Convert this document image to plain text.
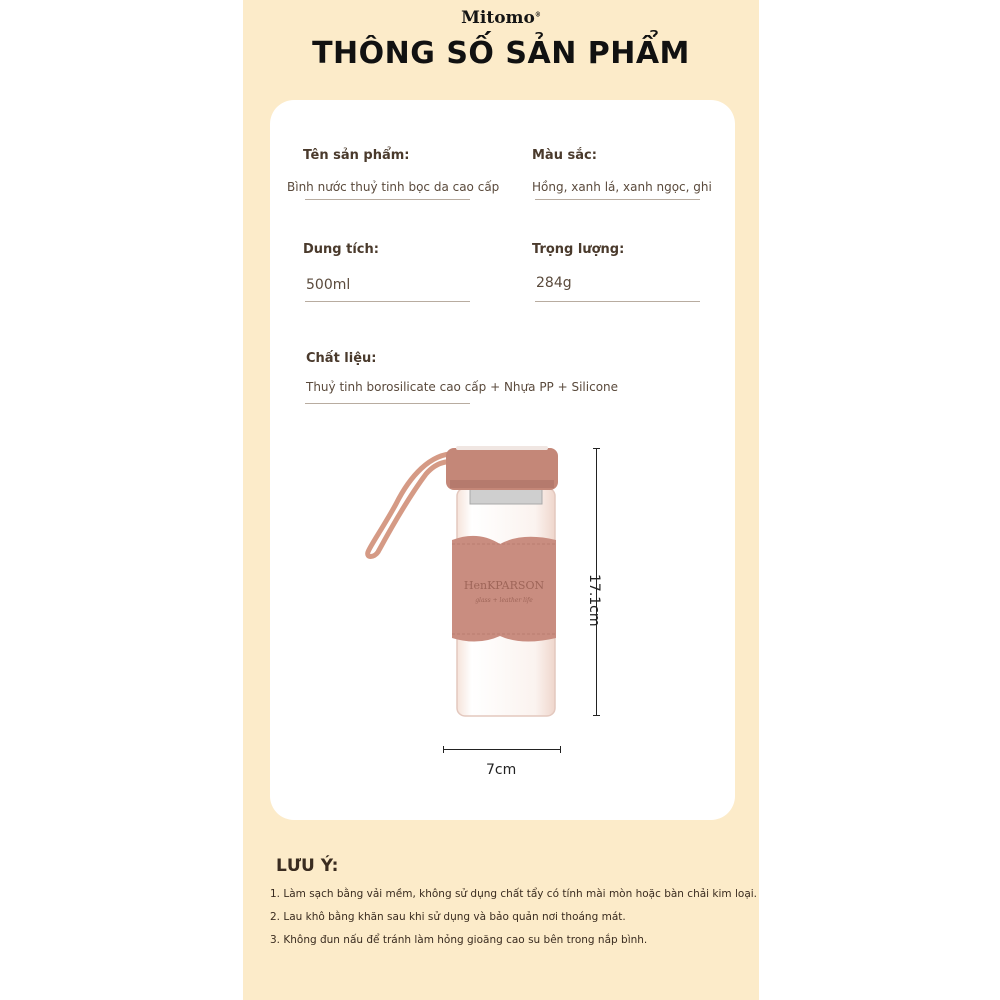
Mitomo®
THÔNG SỐ SẢN PHẨM
Tên sản phẩm:
Bình nước thuỷ tinh bọc da cao cấp
Màu sắc:
Hồng, xanh lá, xanh ngọc, ghi
Dung tích:
500ml
Trọng lượng:
284g
Chất liệu:
Thuỷ tinh borosilicate cao cấp + Nhựa PP + Silicone
HenKPARSON
glass + leather life	17.1cm
7cm
LƯU Ý:
1. Làm sạch bằng vải mềm, không sử dụng chất tẩy có tính mài mòn hoặc bàn chải kim loại.
2. Lau khô bằng khăn sau khi sử dụng và bảo quản nơi thoáng mát.
3. Không đun nấu để tránh làm hỏng gioăng cao su bên trong nắp bình.
